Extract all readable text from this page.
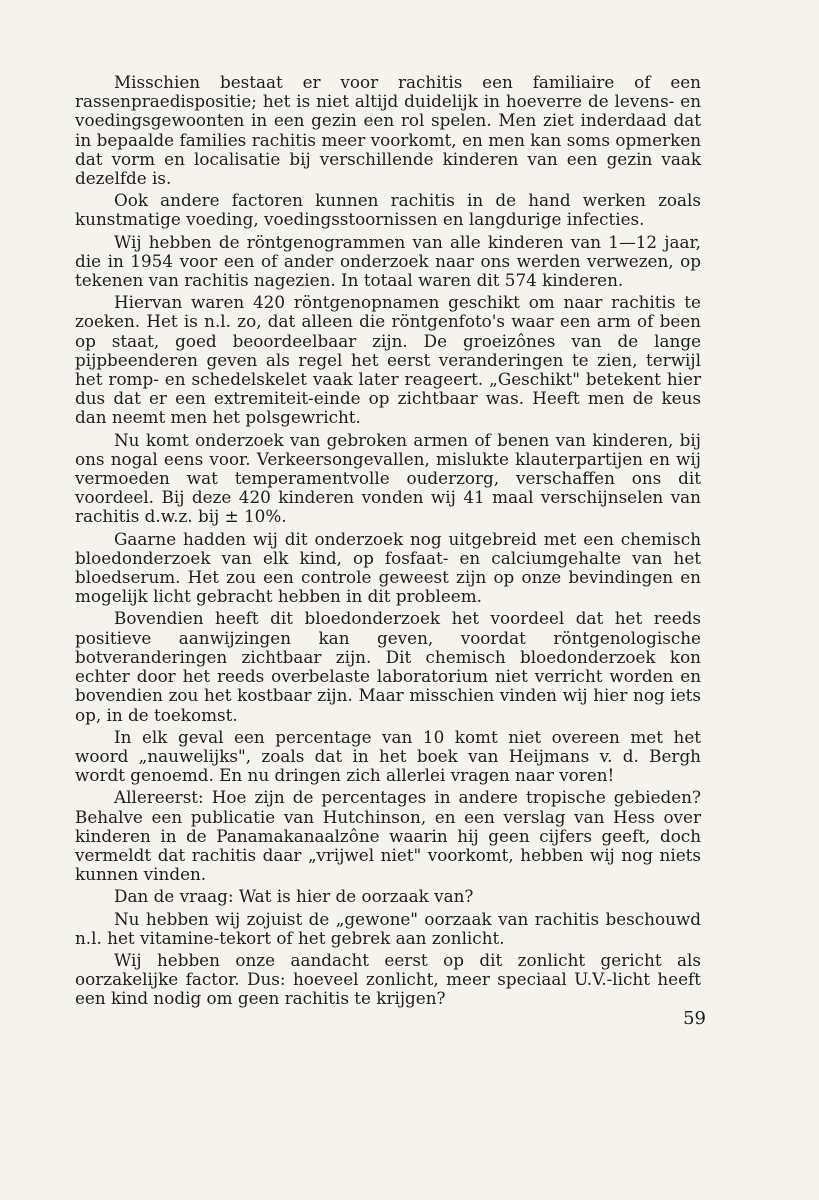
Misschien bestaat er voor rachitis een familiaire of een rassenpraedispositie; het is niet altijd duidelijk in hoeverre de levens- en voedingsgewoonten in een gezin een rol spelen. Men ziet inderdaad dat in bepaalde families rachitis meer voorkomt, en men kan soms opmerken dat vorm en localisatie bij verschillende kinderen van een gezin vaak dezelfde is.

Ook andere factoren kunnen rachitis in de hand werken zoals kunstmatige voeding, voedingsstoornissen en langdurige infecties.

Wij hebben de röntgenogrammen van alle kinderen van 1—12 jaar, die in 1954 voor een of ander onderzoek naar ons werden verwezen, op tekenen van rachitis nagezien. In totaal waren dit 574 kinderen.

Hiervan waren 420 röntgenopnamen geschikt om naar rachitis te zoeken. Het is n.l. zo, dat alleen die röntgenfoto's waar een arm of been op staat, goed beoordeelbaar zijn. De groeizônes van de lange pijpbeenderen geven als regel het eerst veranderingen te zien, terwijl het romp- en schedelskelet vaak later reageert. „Geschikt" betekent hier dus dat er een extremiteit-einde op zichtbaar was. Heeft men de keus dan neemt men het polsgewricht.

Nu komt onderzoek van gebroken armen of benen van kinderen, bij ons nogal eens voor. Verkeersongevallen, mislukte klauterpartijen en wij vermoeden wat temperamentvolle ouderzorg, verschaffen ons dit voordeel. Bij deze 420 kinderen vonden wij 41 maal verschijnselen van rachitis d.w.z. bij ± 10%.

Gaarne hadden wij dit onderzoek nog uitgebreid met een chemisch bloedonderzoek van elk kind, op fosfaat- en calciumgehalte van het bloedserum. Het zou een controle geweest zijn op onze bevindingen en mogelijk licht gebracht hebben in dit probleem.

Bovendien heeft dit bloedonderzoek het voordeel dat het reeds positieve aanwijzingen kan geven, voordat röntgenologische botveranderingen zichtbaar zijn. Dit chemisch bloedonderzoek kon echter door het reeds overbelaste laboratorium niet verricht worden en bovendien zou het kostbaar zijn. Maar misschien vinden wij hier nog iets op, in de toekomst.

In elk geval een percentage van 10 komt niet overeen met het woord „nauwelijks", zoals dat in het boek van Heijmans v. d. Bergh wordt genoemd. En nu dringen zich allerlei vragen naar voren!

Allereerst: Hoe zijn de percentages in andere tropische gebieden? Behalve een publicatie van Hutchinson, en een verslag van Hess over kinderen in de Panamakanaalzône waarin hij geen cijfers geeft, doch vermeldt dat rachitis daar „vrijwel niet" voorkomt, hebben wij nog niets kunnen vinden.

Dan de vraag: Wat is hier de oorzaak van?

Nu hebben wij zojuist de „gewone" oorzaak van rachitis beschouwd n.l. het vitamine-tekort of het gebrek aan zonlicht.

Wij hebben onze aandacht eerst op dit zonlicht gericht als oorzakelijke factor. Dus: hoeveel zonlicht, meer speciaal U.V.-licht heeft een kind nodig om geen rachitis te krijgen?

59
